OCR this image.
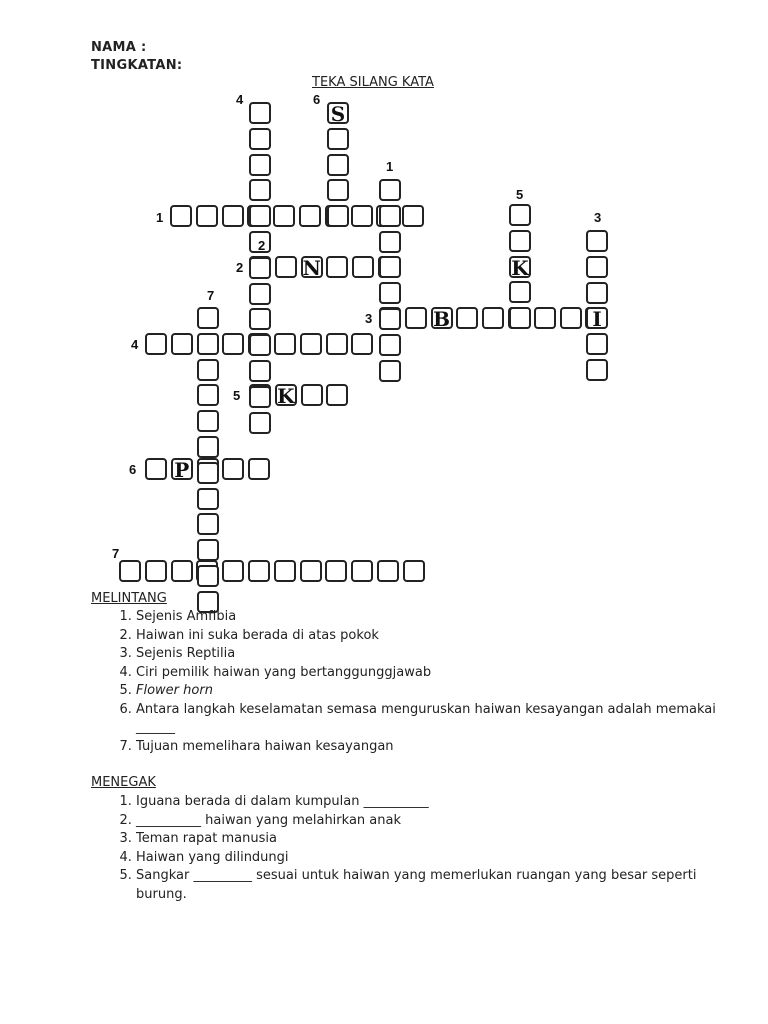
NAMA :
TINGKATAN:
TEKA SILANG KATA
N
B
K
P
S
K
I
1
2
3
4
5
6
7
1
2
3
4
5
6
7
MELINTANG
1. Sejenis Amfibia
2. Haiwan ini suka berada di atas pokok
3. Sejenis Reptilia
4. Ciri pemilik haiwan yang bertanggunggjawab
5. Flower horn
6. Antara langkah keselamatan semasa menguruskan haiwan kesayangan adalah memakai ______
7. Tujuan memelihara haiwan kesayangan
MENEGAK
1. Iguana berada di dalam kumpulan __________
2. __________ haiwan yang melahirkan anak
3. Teman rapat manusia
4. Haiwan yang dilindungi
5. Sangkar _________ sesuai untuk haiwan yang memerlukan ruangan yang besar seperti burung.
